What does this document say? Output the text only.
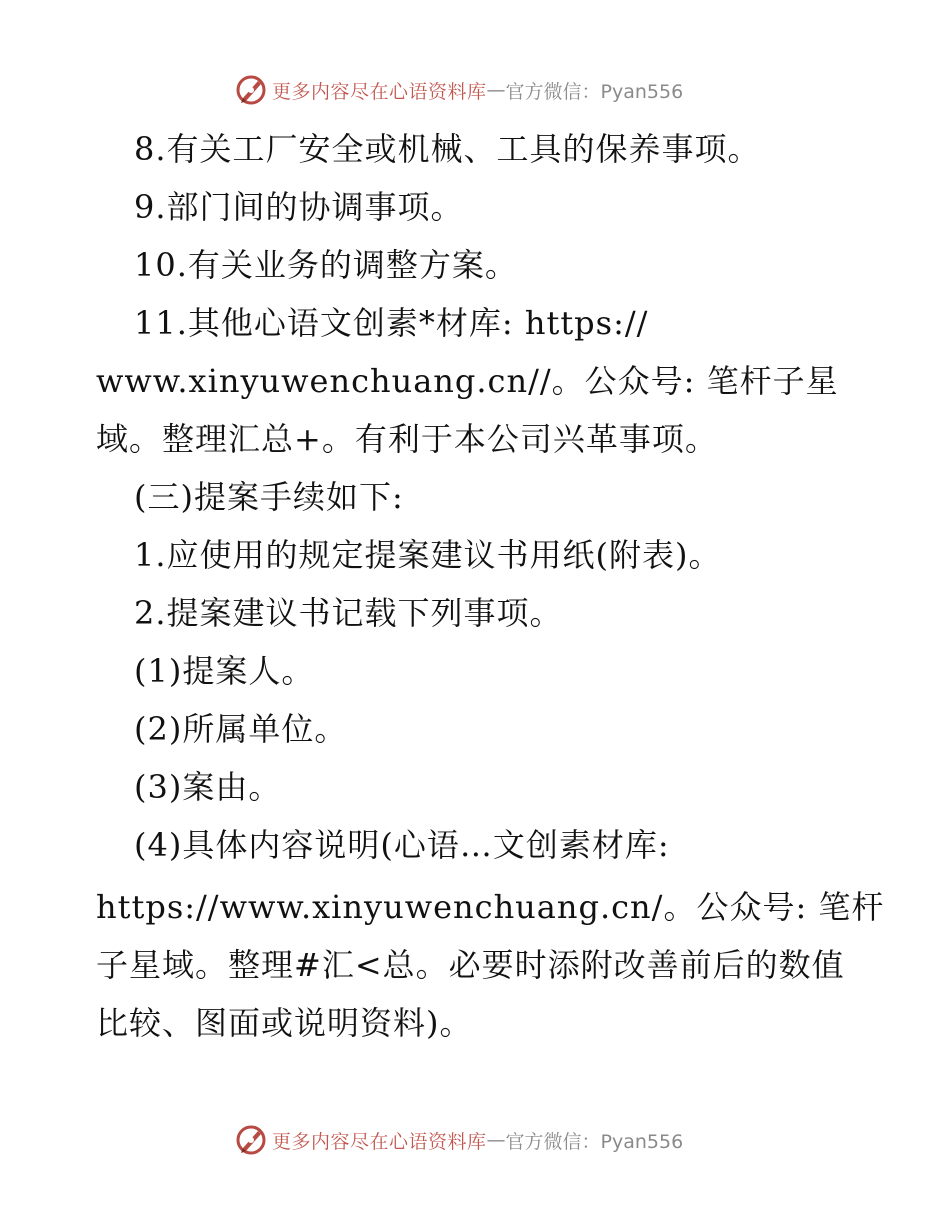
更多内容尽在心语资料库 — 官方微信：Pyan556
8.有关工厂安全或机械、工具的保养事项。
9.部门间的协调事项。
10.有关业务的调整方案。
11.其他心语文创素*材库: https://
www.xinyuwenchuang.cn//。公众号: 笔杆子星
域。整理汇总+。有利于本公司兴革事项。
(三)提案手续如下:
1.应使用的规定提案建议书用纸(附表)。
2.提案建议书记载下列事项。
(1)提案人。
(2)所属单位。
(3)案由。
(4)具体内容说明(心语…文创素材库:
https://www.xinyuwenchuang.cn/。公众号: 笔杆
子星域。整理#汇<总。必要时添附改善前后的数值
比较、图面或说明资料)。
更多内容尽在心语资料库 — 官方微信：Pyan556
